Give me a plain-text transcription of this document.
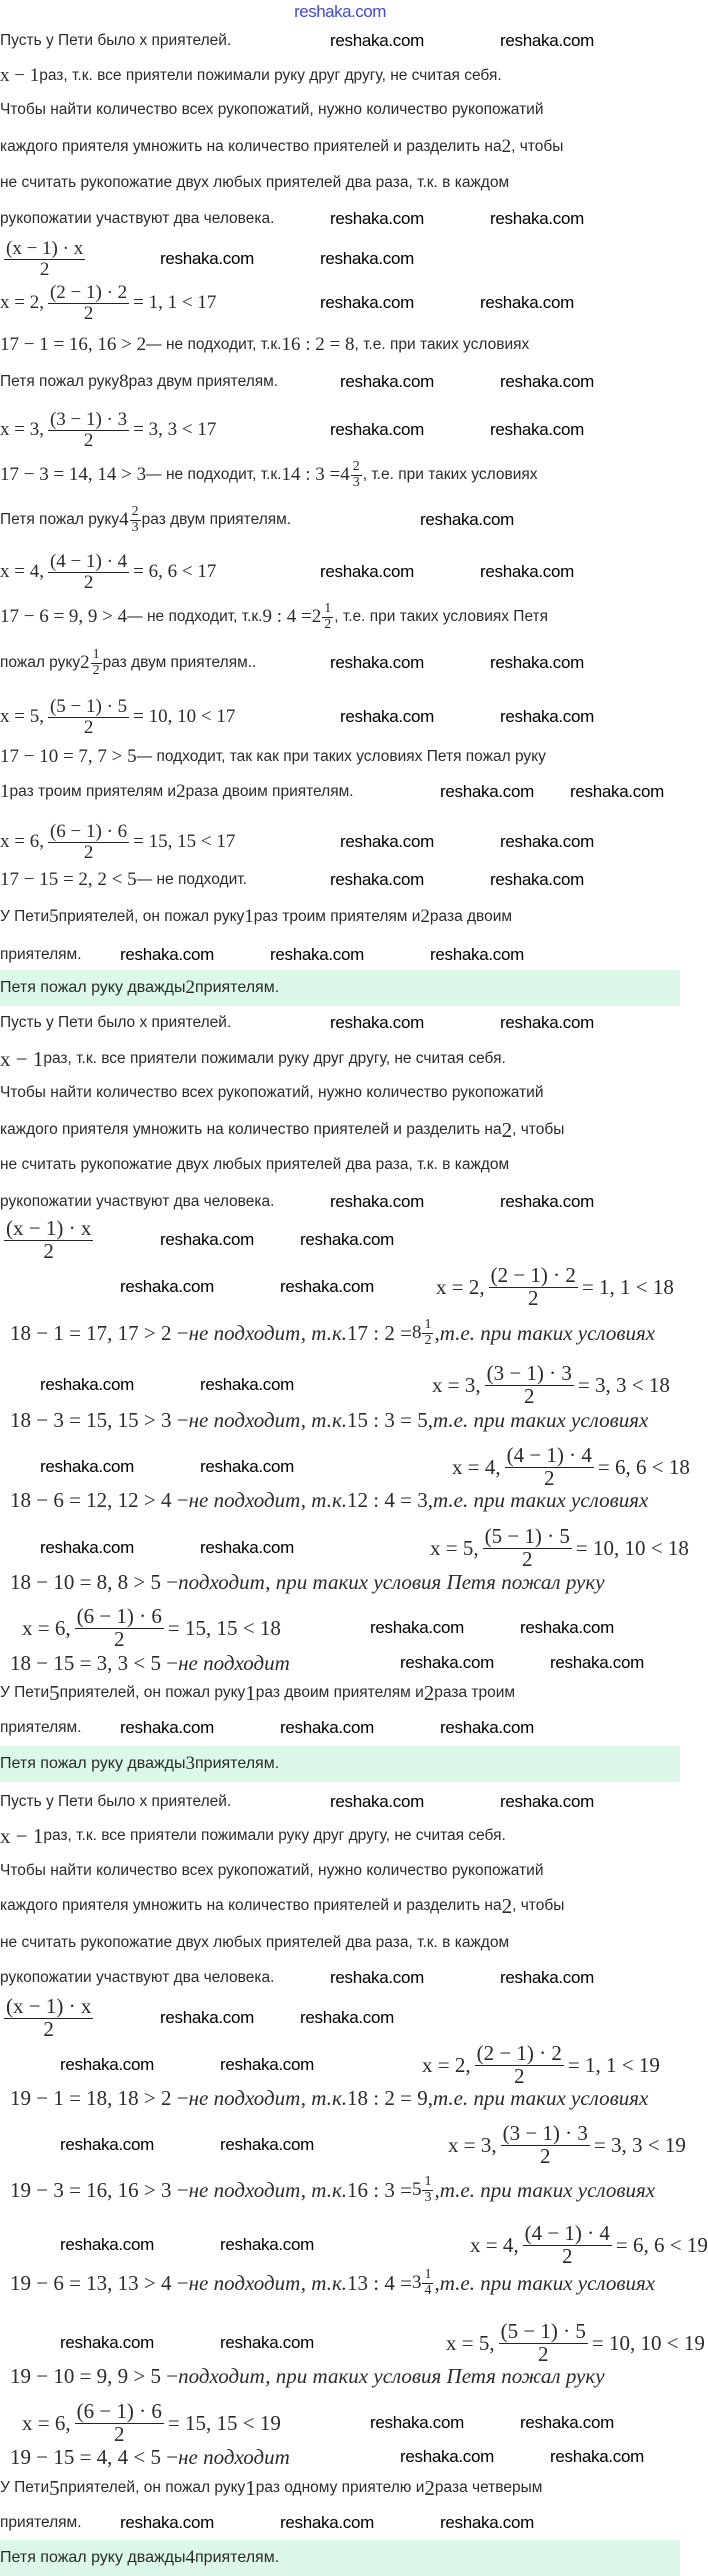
reshaka.com
Пусть у Пети было х приятелей.
x − 1 раз, т.к. все приятели пожимали руку друг другу, не считая себя.
Чтобы найти количество всех рукопожатий, нужно количество рукопожатий
каждого приятеля умножить на количество приятелей и разделить на 2 , чтобы
не считать рукопожатие двух любых приятелей два раза, т.к. в каждом
рукопожатии участвуют два человека.
$\frac{(x - 1) \cdot x}{2}$
x = 2, $\frac{(2 - 1) \cdot 2}{2} = 1$, 1 < 17
17 − 1 = 16, 16 > 2 — не подходит, т.к. 16 : 2 = 8 , т.е. при таких условиях
Петя пожал руку 8 раз двум приятелям.
x = 3, $\frac{(3 - 1) \cdot 3}{2} = 3$, 3 < 17
17 − 3 = 14, 14 > 3 — не подходит, т.к. 14 : $3 = 4 \frac{2}{3}$ , т.е. при таких условиях
Петя пожал руку $4 \frac{2}{3}$ раз двум приятелям.
x = 4, $\frac{(4 - 1) \cdot 4}{2} = 6$, 6 < 17
17 − 6 = 9, 9 > 4 — не подходит, т.к. 9 : $4 = 2 \frac{1}{2}$ , т.е. при таких условиях Петя
пожал руку $2 \frac{1}{2}$ раз двум приятелям..
x = 5, $\frac{(5 - 1) \cdot 5}{2} = 10$, 10 < 17
17 − 10 = 7, 7 > 5 — подходит, так как при таких условиях Петя пожал руку
1 раз троим приятелям и 2 раза двоим приятелям.
x = 6, $\frac{(6 - 1) \cdot 6}{2} = 15$, 15 < 17
17 − 15 = 2, 2 < 5 — не подходит.
У Пети 5 приятелей, он пожал руку 1 раз троим приятелям и 2 раза двоим
приятелям.
Петя пожал руку дважды 2 приятелям.
Пусть у Пети было х приятелей.
x − 1 раз, т.к. все приятели пожимали руку друг другу, не считая себя.
Чтобы найти количество всех рукопожатий, нужно количество рукопожатий
каждого приятеля умножить на количество приятелей и разделить на 2 , чтобы
не считать рукопожатие двух любых приятелей два раза, т.к. в каждом
рукопожатии участвуют два человека.
$\frac{(x - 1) \cdot x}{2}$
x = 2, $\frac{(2 - 1) \cdot 2}{2} = 1$, 1 < 18
18 − 1 = 17, 17 > 2 − не подходит, т.к. 17 : $2 = 8 \frac{1}{2}$ , т.е. при таких условиях
x = 3, $\frac{(3 - 1) \cdot 3}{2} = 3$, 3 < 18
18 − 3 = 15, 15 > 3 − не подходит, т.к. 15 : 3 = 5, т.е. при таких условиях
x = 4, $\frac{(4 - 1) \cdot 4}{2} = 6$, 6 < 18
18 − 6 = 12, 12 > 4 − не подходит, т.к. 12 : 4 = 3, т.е. при таких условиях
x = 5, $\frac{(5 - 1) \cdot 5}{2} = 10$, 10 < 18
18 − 10 = 8, 8 > 5 − подходит, при таких условия Петя пожал руку
x = 6, $\frac{(6 - 1) \cdot 6}{2} = 15$, 15 < 18
18 − 15 = 3, 3 < 5 − не подходит
У Пети 5 приятелей, он пожал руку 1 раз двоим приятелям и 2 раза троим
приятелям.
Петя пожал руку дважды 3 приятелям.
Пусть у Пети было х приятелей.
x − 1 раз, т.к. все приятели пожимали руку друг другу, не считая себя.
Чтобы найти количество всех рукопожатий, нужно количество рукопожатий
каждого приятеля умножить на количество приятелей и разделить на 2 , чтобы
не считать рукопожатие двух любых приятелей два раза, т.к. в каждом
рукопожатии участвуют два человека.
$\frac{(x - 1) \cdot x}{2}$
x = 2, $\frac{(2 - 1) \cdot 2}{2} = 1$, 1 < 19
19 − 1 = 18, 18 > 2 − не подходит, т.к. 18 : 2 = 9, т.е. при таких условиях
x = 3, $\frac{(3 - 1) \cdot 3}{2} = 3$, 3 < 19
19 − 3 = 16, 16 > 3 − не подходит, т.к. 16 : $3 = 5 \frac{1}{3}$ , т.е. при таких условиях
x = 4, $\frac{(4 - 1) \cdot 4}{2} = 6$, 6 < 19
19 − 6 = 13, 13 > 4 − не подходит, т.к. 13 : $4 = 3 \frac{1}{4}$ , т.е. при таких условиях
x = 5, $\frac{(5 - 1) \cdot 5}{2} = 10$, 10 < 19
19 − 10 = 9, 9 > 5 − подходит, при таких условия Петя пожал руку
x = 6, $\frac{(6 - 1) \cdot 6}{2} = 15$, 15 < 19
19 − 15 = 4, 4 < 5 − не подходит
У Пети 5 приятелей, он пожал руку 1 раз одному приятелю и 2 раза четверым
приятелям.
Петя пожал руку дважды 4 приятелям.
reshaka.com	reshaka.com
reshaka.com	reshaka.com
reshaka.com	reshaka.com
reshaka.com	reshaka.com
reshaka.com	reshaka.com
reshaka.com	reshaka.com
reshaka.com
reshaka.com	reshaka.com
reshaka.com	reshaka.com
reshaka.com	reshaka.com
reshaka.com reshaka.com
reshaka.com	reshaka.com
reshaka.com	reshaka.com
reshaka.com	reshaka.com	reshaka.com
reshaka.com	reshaka.com
reshaka.com	reshaka.com
reshaka.com	reshaka.com
reshaka.com	reshaka.com
reshaka.com	reshaka.com
reshaka.com	reshaka.com
reshaka.com	reshaka.com
reshaka.com	reshaka.com
reshaka.com	reshaka.com
reshaka.com	reshaka.com	reshaka.com
reshaka.com	reshaka.com
reshaka.com	reshaka.com
reshaka.com	reshaka.com
reshaka.com	reshaka.com
reshaka.com	reshaka.com
reshaka.com	reshaka.com
reshaka.com	reshaka.com
reshaka.com	reshaka.com
reshaka.com	reshaka.com
reshaka.com	reshaka.com	reshaka.com
